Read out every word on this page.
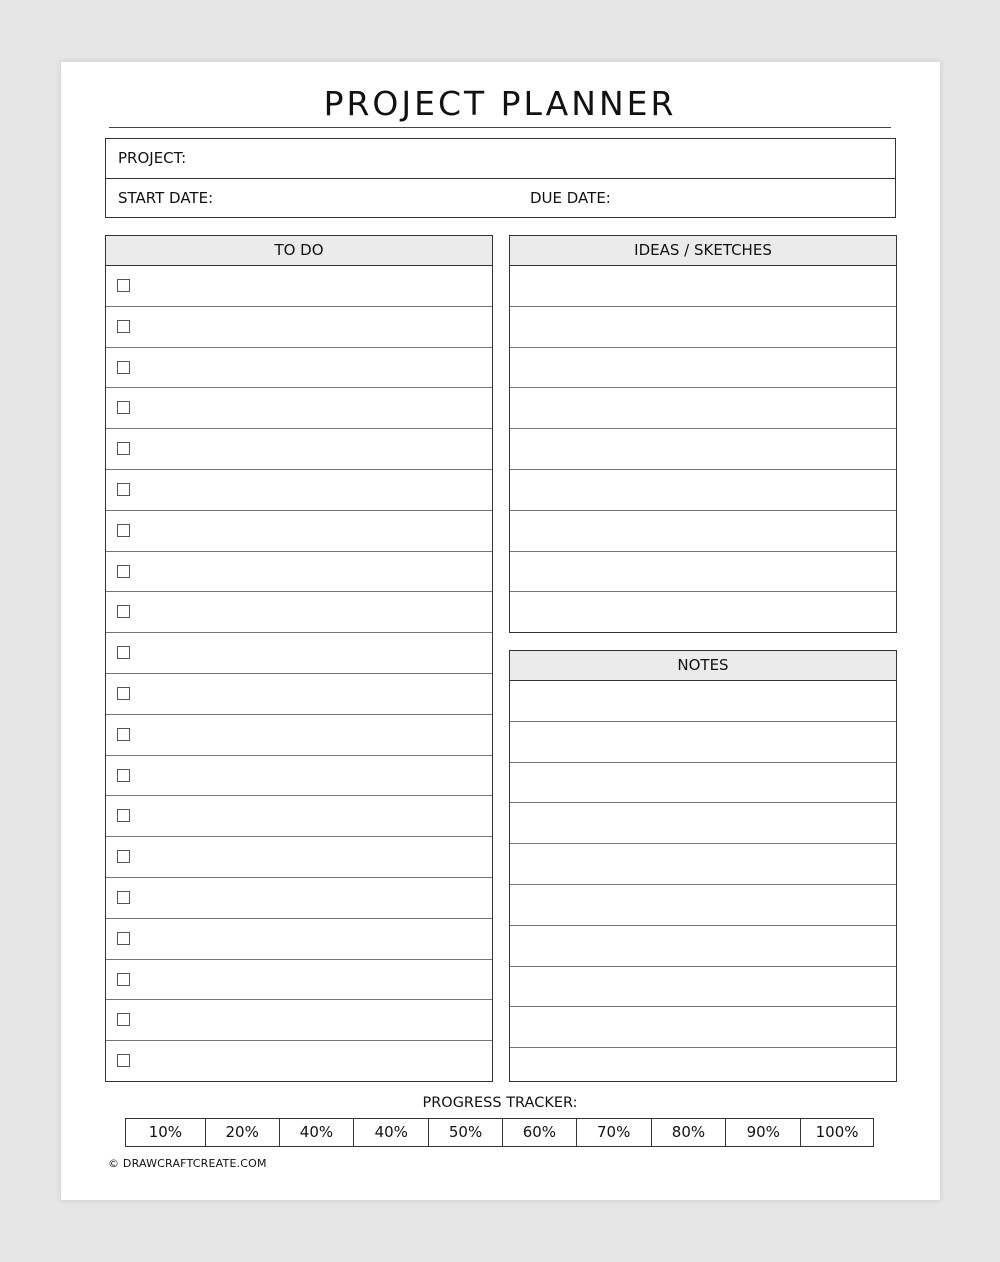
PROJECT PLANNER
PROJECT:
START DATE:	DUE DATE:
TO DO	IDEAS / SKETCHES
NOTES
PROGRESS TRACKER:
10%	20%	40%	40%	50%	60%	70%	80%	90%	100%
© DRAWCRAFTCREATE.COM
